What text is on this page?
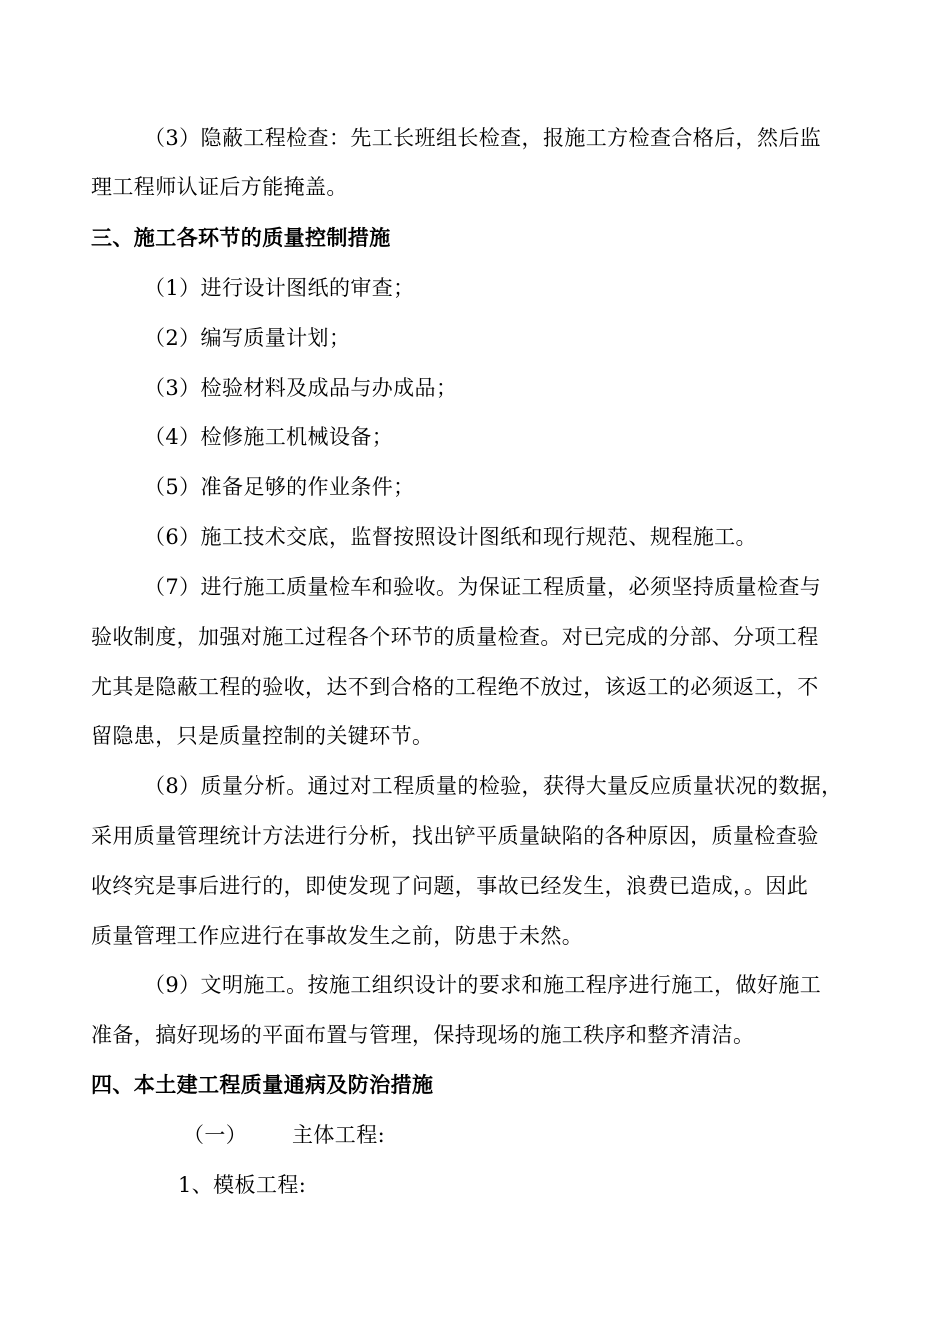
（3）隐蔽工程检查：先工长班组长检查，报施工方检查合格后，然后监
理工程师认证后方能掩盖。
三、施工各环节的质量控制措施
（1）进行设计图纸的审查；
（2）编写质量计划；
（3）检验材料及成品与办成品；
（4）检修施工机械设备；
（5）准备足够的作业条件；
（6）施工技术交底，监督按照设计图纸和现行规范、规程施工。
（7）进行施工质量检车和验收。为保证工程质量，必须坚持质量检查与
验收制度，加强对施工过程各个环节的质量检查。对已完成的分部、分项工程
尤其是隐蔽工程的验收，达不到合格的工程绝不放过，该返工的必须返工，不
留隐患，只是质量控制的关键环节。
（8）质量分析。通过对工程质量的检验，获得大量反应质量状况的数据，
采用质量管理统计方法进行分析，找出铲平质量缺陷的各种原因，质量检查验
收终究是事后进行的，即使发现了问题，事故已经发生，浪费已造成，。因此
质量管理工作应进行在事故发生之前，防患于未然。
（9）文明施工。按施工组织设计的要求和施工程序进行施工，做好施工
准备，搞好现场的平面布置与管理，保持现场的施工秩序和整齐清洁。
四、本土建工程质量通病及防治措施
（一） 主体工程:
1、模板工程:
